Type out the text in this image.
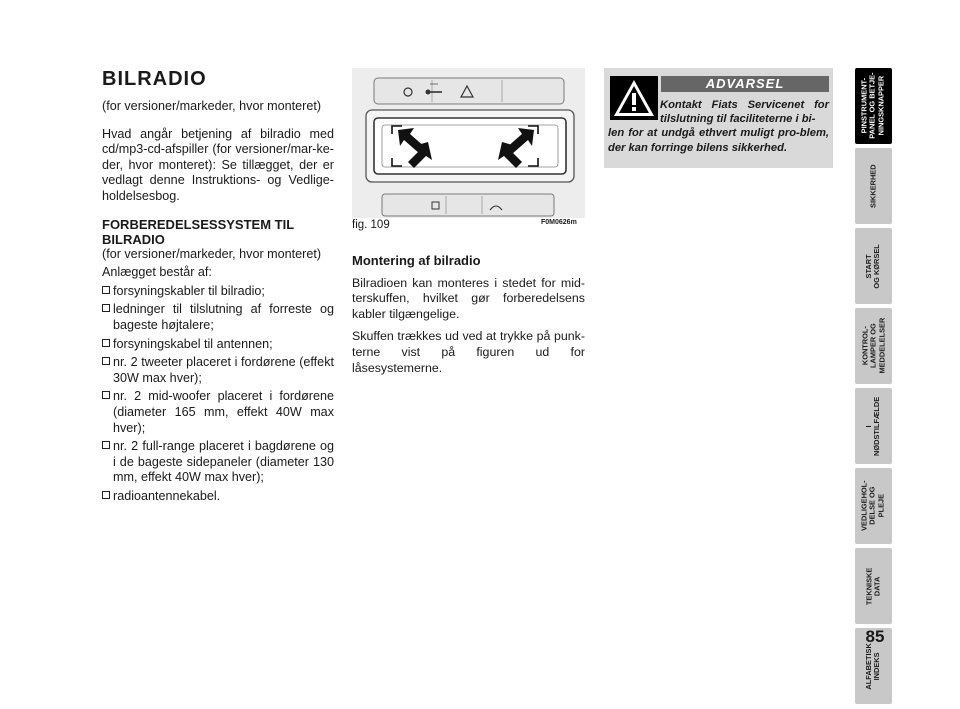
BILRADIO
(for versioner/markeder, hvor monteret)
Hvad angår betjening af bilradio med cd/mp3-cd-afspiller (for versioner/mar-ke-der, hvor monteret): Se tillægget, der er vedlagt denne Instruktions- og Vedlige-holdelsesbog.
FORBEREDELSESSYSTEM TIL BILRADIO
(for versioner/markeder, hvor monteret)
Anlægget består af:
forsyningskabler til bilradio;
ledninger til tilslutning af forreste og bageste højtalere;
forsyningskabel til antennen;
nr. 2 tweeter placeret i fordørene (effekt 30W max hver);
nr. 2 mid-woofer placeret i fordørene (diameter 165 mm, effekt 40W max hver);
nr. 2 full-range placeret i bagdørene og i de bageste sidepaneler (diameter 130 mm, effekt 40W max hver);
radioantennekabel.
fig. 109	F0M0626m
Montering af bilradio
Bilradioen kan monteres i stedet for mid-terskuffen, hvilket gør forberedelsens kabler tilgængelige.
Skuffen trækkes ud ved at trykke på punk-terne vist på figuren ud for låsesystemerne.
ADVARSEL
Kontakt Fiats Servicenet for tilslutning til faciliteterne i bi-
len for at undgå ethvert muligt pro-blem, der kan forringe bilens sikkerhed.
PINSTRUMENT-
PANEL OG BETJE-
NINGSKNAPPER
SIKKERHED
START
OG KØRSEL
KONTROL-
LAMPER OG
MEDDELELSER
I
NØDSTILFÆLDE
VEDLIGEHOL-
DELSE OG
PLEJE
TEKNISKE
DATA
ALFABETISK
INDEKS
85
